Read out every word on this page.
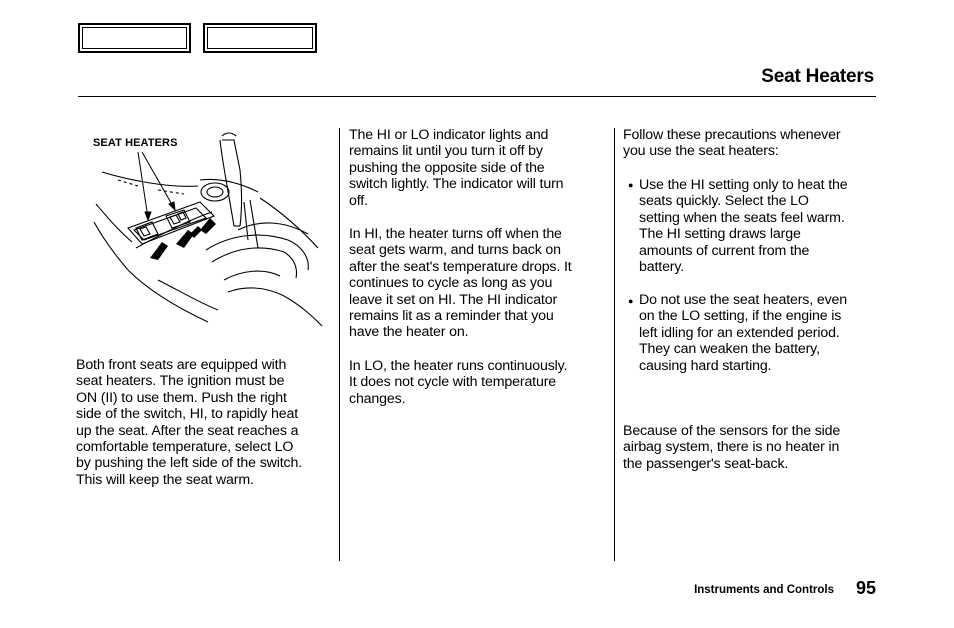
Seat Heaters
SEAT HEATERS
Both front seats are equipped with
seat heaters. The ignition must be
ON (II) to use them. Push the right
side of the switch, HI, to rapidly heat
up the seat. After the seat reaches a
comfortable temperature, select LO
by pushing the left side of the switch.
This will keep the seat warm.
The HI or LO indicator lights and
remains lit until you turn it off by
pushing the opposite side of the
switch lightly. The indicator will turn
off.
In HI, the heater turns off when the
seat gets warm, and turns back on
after the seat's temperature drops. It
continues to cycle as long as you
leave it set on HI. The HI indicator
remains lit as a reminder that you
have the heater on.
In LO, the heater runs continuously.
It does not cycle with temperature
changes.
Follow these precautions whenever
you use the seat heaters:
● Use the HI setting only to heat the
seats quickly. Select the LO
setting when the seats feel warm.
The HI setting draws large
amounts of current from the
battery.
● Do not use the seat heaters, even
on the LO setting, if the engine is
left idling for an extended period.
They can weaken the battery,
causing hard starting.
Because of the sensors for the side
airbag system, there is no heater in
the passenger's seat-back.
Instruments and Controls 95
